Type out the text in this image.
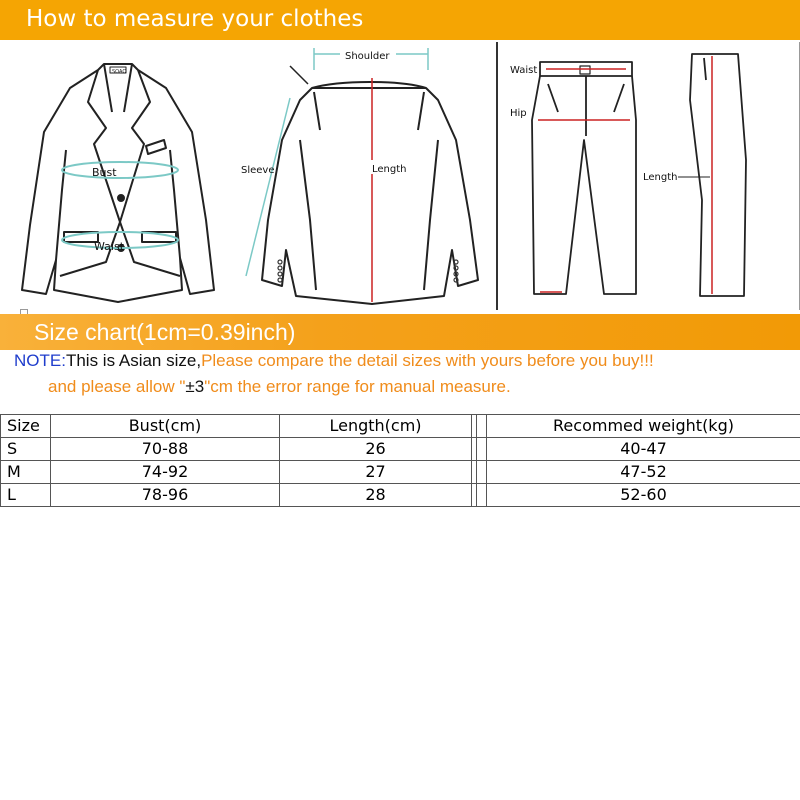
How to measure your clothes
SOAO
Bust
Waist
Shoulder
Sleeve	Length
Waist
Hip
Length
Size chart(1cm=0.39inch)
NOTE:This is Asian size,Please compare the detail sizes with yours before you buy!!!
and please allow "±3"cm the error range for manual measure.
Size	Bust(cm)	Length(cm)			Recommed weight(kg)
S	70-88	26			40-47
M	74-92	27			47-52
L	78-96	28			52-60
